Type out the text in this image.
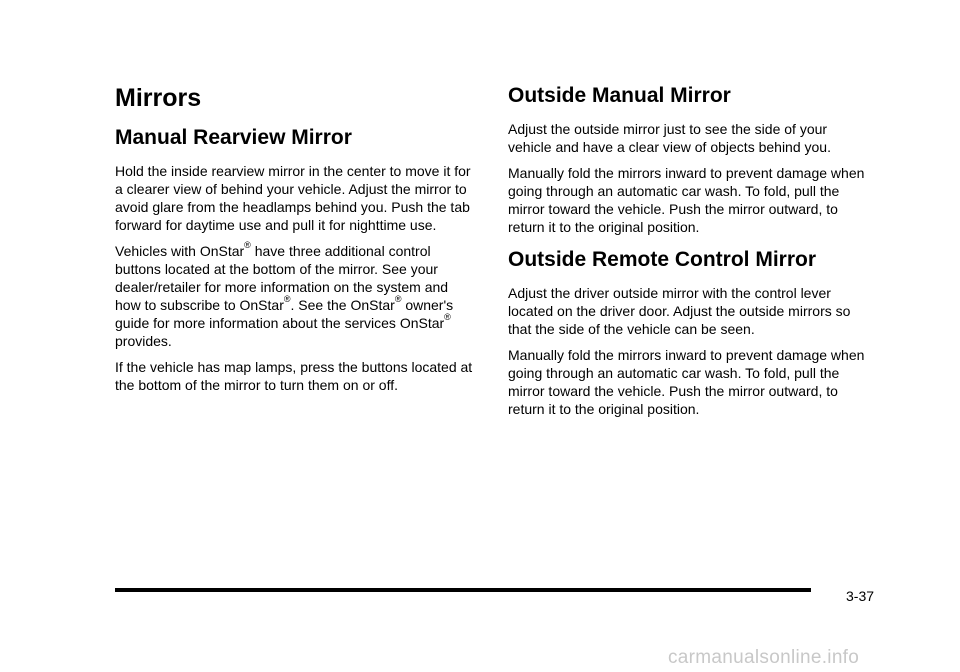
Mirrors
Manual Rearview Mirror

Hold the inside rearview mirror in the center to move it for a clearer view of behind your vehicle. Adjust the mirror to avoid glare from the headlamps behind you. Push the tab forward for daytime use and pull it for nighttime use.

Vehicles with OnStar® have three additional control buttons located at the bottom of the mirror. See your dealer/retailer for more information on the system and how to subscribe to OnStar®. See the OnStar® owner's guide for more information about the services OnStar® provides.

If the vehicle has map lamps, press the buttons located at the bottom of the mirror to turn them on or off.

Outside Manual Mirror

Adjust the outside mirror just to see the side of your vehicle and have a clear view of objects behind you.

Manually fold the mirrors inward to prevent damage when going through an automatic car wash. To fold, pull the mirror toward the vehicle. Push the mirror outward, to return it to the original position.

Outside Remote Control Mirror

Adjust the driver outside mirror with the control lever located on the driver door. Adjust the outside mirrors so that the side of the vehicle can be seen.

Manually fold the mirrors inward to prevent damage when going through an automatic car wash. To fold, pull the mirror toward the vehicle. Push the mirror outward, to return it to the original position.

3-37
carmanualsonline.info
